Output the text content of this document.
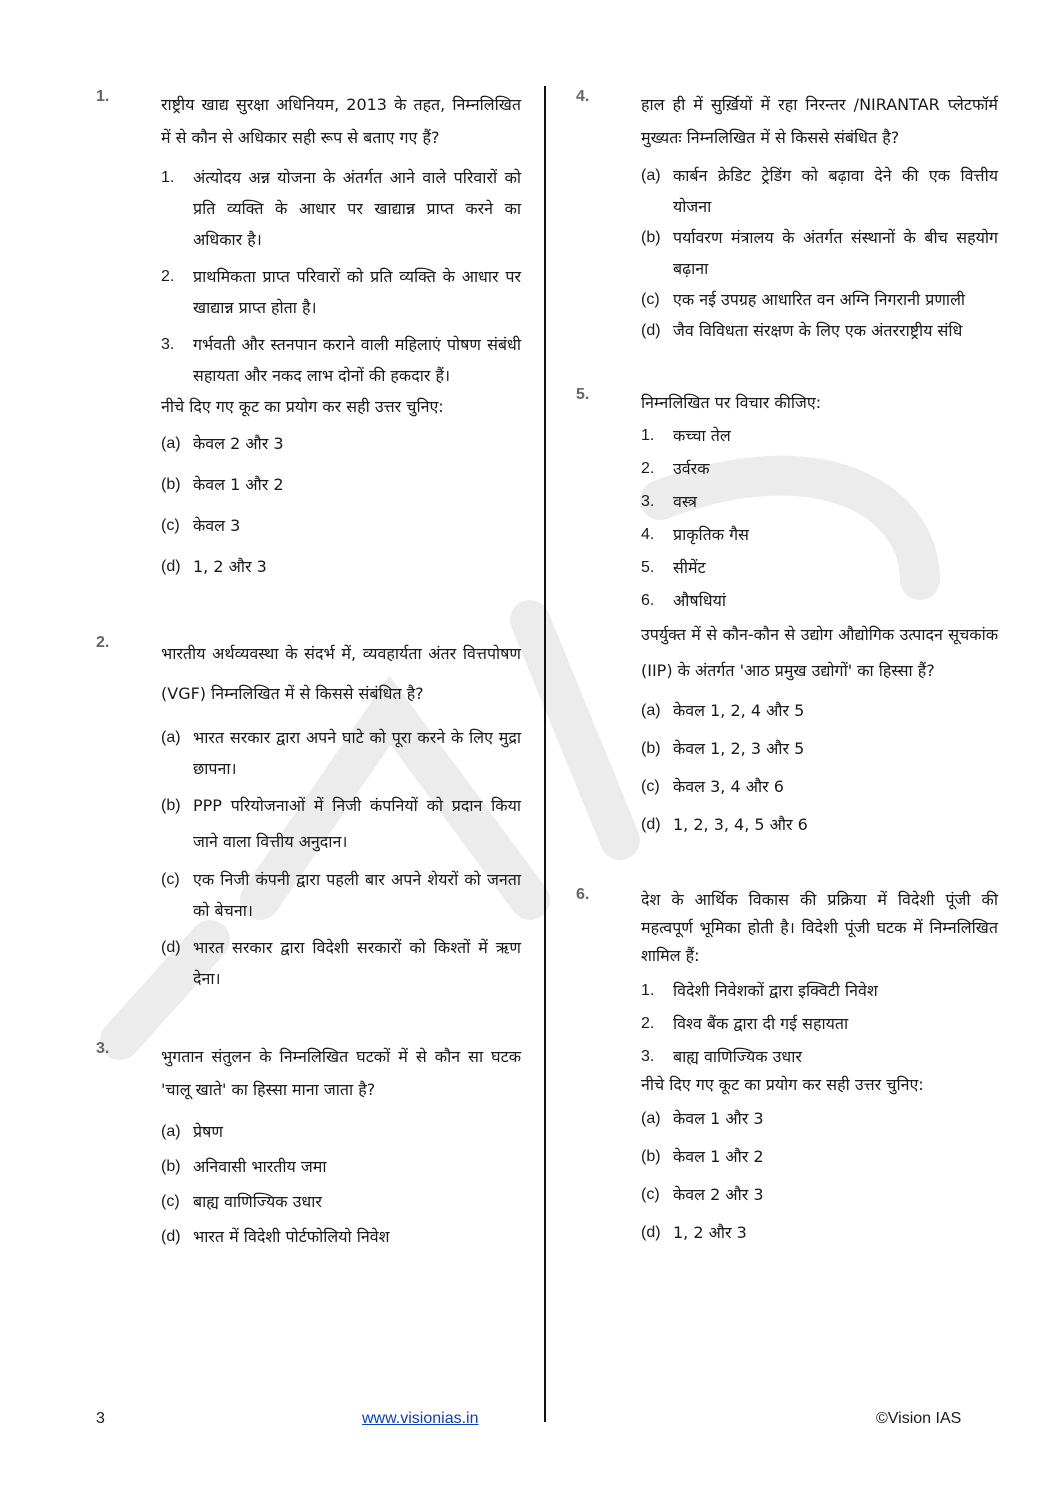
1.	राष्ट्रीय खाद्य सुरक्षा अधिनियम, 2013 के तहत, निम्नलिखित में से कौन से अधिकार सही रूप से बताए गए हैं?
1. अंत्योदय अन्न योजना के अंतर्गत आने वाले परिवारों को प्रति व्यक्ति के आधार पर खाद्यान्न प्राप्त करने का अधिकार है।
2. प्राथमिकता प्राप्त परिवारों को प्रति व्यक्ति के आधार पर खाद्यान्न प्राप्त होता है।
3. गर्भवती और स्तनपान कराने वाली महिलाएं पोषण संबंधी सहायता और नकद लाभ दोनों की हकदार हैं।
नीचे दिए गए कूट का प्रयोग कर सही उत्तर चुनिए:
(a) केवल 2 और 3
(b) केवल 1 और 2
(c) केवल 3
(d) 1, 2 और 3
2.
भारतीय अर्थव्यवस्था के संदर्भ में, व्यवहार्यता अंतर वित्तपोषण (VGF) निम्नलिखित में से किससे संबंधित है?
(a) भारत सरकार द्वारा अपने घाटे को पूरा करने के लिए मुद्रा छापना।
(b) PPP परियोजनाओं में निजी कंपनियों को प्रदान किया जाने वाला वित्तीय अनुदान।
(c) एक निजी कंपनी द्वारा पहली बार अपने शेयरों को जनता को बेचना।
(d) भारत सरकार द्वारा विदेशी सरकारों को किश्तों में ऋण देना।
3.	भुगतान संतुलन के निम्नलिखित घटकों में से कौन सा घटक 'चालू खाते' का हिस्सा माना जाता है?
(a) प्रेषण
(b) अनिवासी भारतीय जमा
(c) बाह्य वाणिज्यिक उधार
(d) भारत में विदेशी पोर्टफोलियो निवेश
4.	हाल ही में सुर्ख़ियों में रहा निरन्तर /NIRANTAR प्लेटफॉर्म मुख्यतः निम्नलिखित में से किससे संबंधित है?
(a) कार्बन क्रेडिट ट्रेडिंग को बढ़ावा देने की एक वित्तीय योजना
(b) पर्यावरण मंत्रालय के अंतर्गत संस्थानों के बीच सहयोग बढ़ाना
(c) एक नई उपग्रह आधारित वन अग्नि निगरानी प्रणाली
(d) जैव विविधता संरक्षण के लिए एक अंतरराष्ट्रीय संधि
5.	निम्नलिखित पर विचार कीजिए:
1. कच्चा तेल
2. उर्वरक
3. वस्त्र
4. प्राकृतिक गैस
5. सीमेंट
6. औषधियां
उपर्युक्त में से कौन-कौन से उद्योग औद्योगिक उत्पादन सूचकांक (IIP) के अंतर्गत 'आठ प्रमुख उद्योगों' का हिस्सा हैं?
(a) केवल 1, 2, 4 और 5
(b) केवल 1, 2, 3 और 5
(c) केवल 3, 4 और 6
(d) 1, 2, 3, 4, 5 और 6
6.	देश के आर्थिक विकास की प्रक्रिया में विदेशी पूंजी की महत्वपूर्ण भूमिका होती है। विदेशी पूंजी घटक में निम्नलिखित शामिल हैं:
1. विदेशी निवेशकों द्वारा इक्विटी निवेश
2. विश्व बैंक द्वारा दी गई सहायता
3. बाह्य वाणिज्यिक उधार
नीचे दिए गए कूट का प्रयोग कर सही उत्तर चुनिए:
(a) केवल 1 और 3
(b) केवल 1 और 2
(c) केवल 2 और 3
(d) 1, 2 और 3
3	www.visionias.in	©Vision IAS
